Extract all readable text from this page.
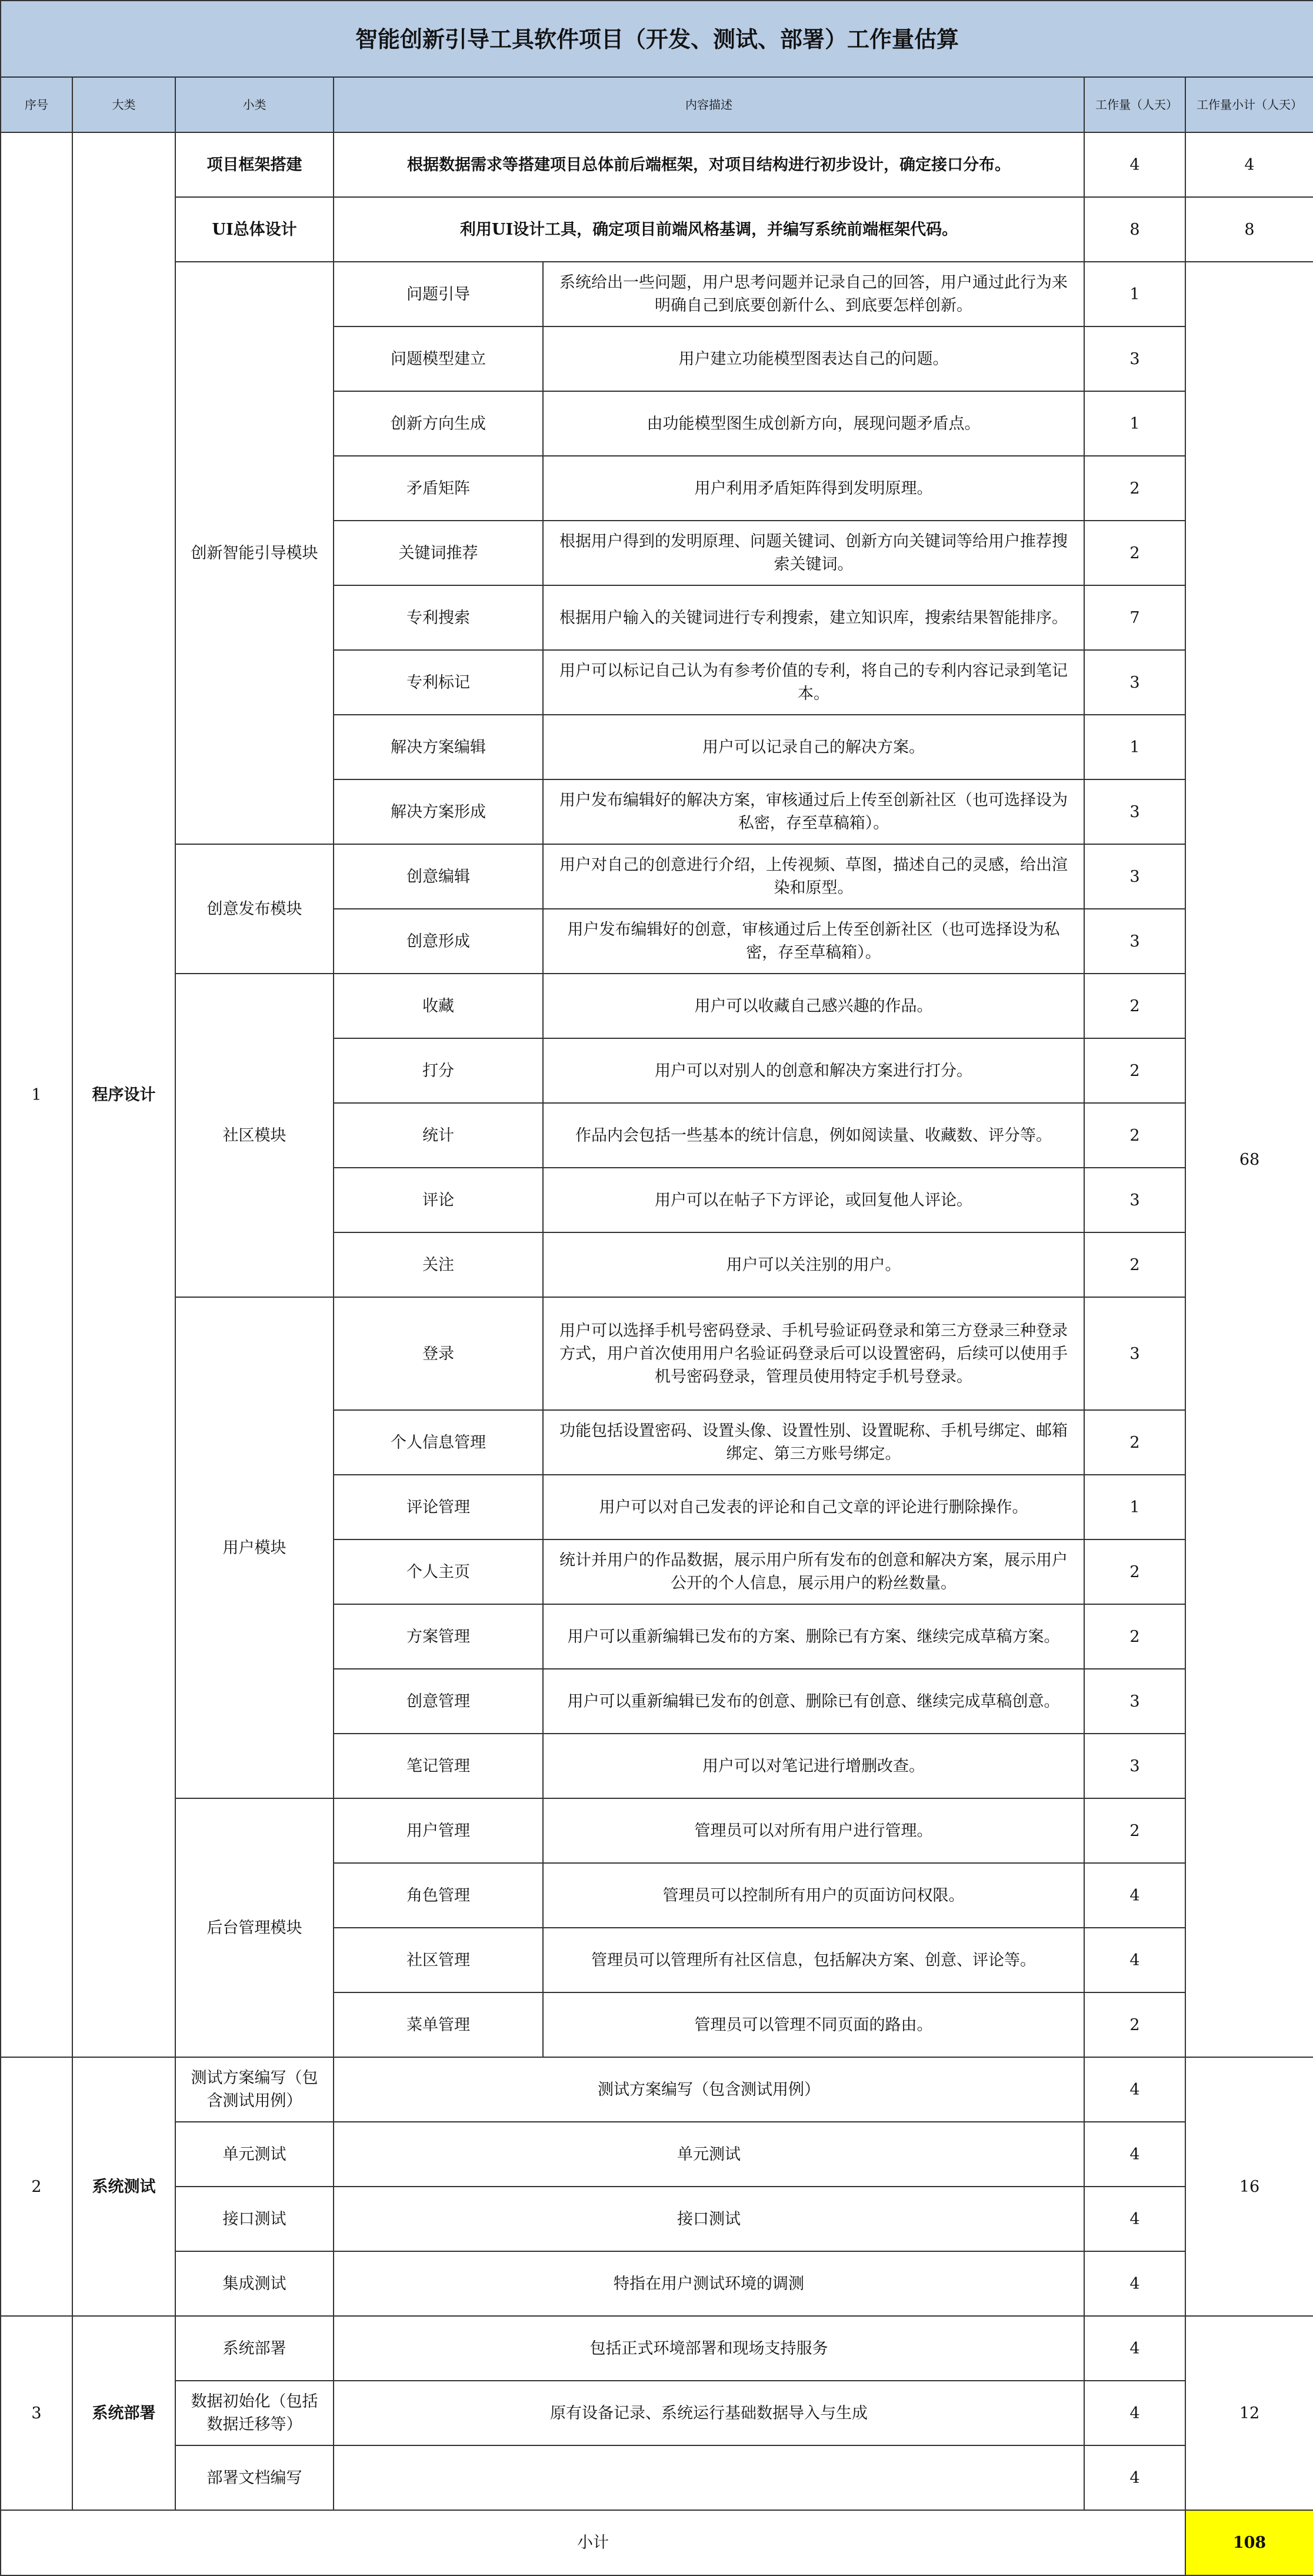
智能创新引导工具软件项目（开发、测试、部署）工作量估算						
序号	大类	小类	内容描述		工作量（人天）	工作量小计（人天）
1	程序设计	项目框架搭建	根据数据需求等搭建项目总体前后端框架，对项目结构进行初步设计，确定接口分布。		4	4
		UI总体设计	利用UI设计工具，确定项目前端风格基调，并编写系统前端框架代码。		8	8
		创新智能引导模块	问题引导	系统给出一些问题，用户思考问题并记录自己的回答，用户通过此行为来明确自己到底要创新什么、到底要怎样创新。	1	68
			问题模型建立	用户建立功能模型图表达自己的问题。	3	
			创新方向生成	由功能模型图生成创新方向，展现问题矛盾点。	1	
			矛盾矩阵	用户利用矛盾矩阵得到发明原理。	2	
			关键词推荐	根据用户得到的发明原理、问题关键词、创新方向关键词等给用户推荐搜索关键词。	2	
			专利搜索	根据用户输入的关键词进行专利搜索，建立知识库，搜索结果智能排序。	7	
			专利标记	用户可以标记自己认为有参考价值的专利，将自己的专利内容记录到笔记本。	3	
			解决方案编辑	用户可以记录自己的解决方案。	1	
			解决方案形成	用户发布编辑好的解决方案，审核通过后上传至创新社区（也可选择设为私密，存至草稿箱）。	3	
		创意发布模块	创意编辑	用户对自己的创意进行介绍，上传视频、草图，描述自己的灵感，给出渲染和原型。	3	
			创意形成	用户发布编辑好的创意，审核通过后上传至创新社区（也可选择设为私密，存至草稿箱）。	3	
		社区模块	收藏	用户可以收藏自己感兴趣的作品。	2	
			打分	用户可以对别人的创意和解决方案进行打分。	2	
			统计	作品内会包括一些基本的统计信息，例如阅读量、收藏数、评分等。	2	
			评论	用户可以在帖子下方评论，或回复他人评论。	3	
			关注	用户可以关注别的用户。	2	
		用户模块	登录	用户可以选择手机号密码登录、手机号验证码登录和第三方登录三种登录方式，用户首次使用用户名验证码登录后可以设置密码，后续可以使用手机号密码登录，管理员使用特定手机号登录。	3	
			个人信息管理	功能包括设置密码、设置头像、设置性别、设置昵称、手机号绑定、邮箱绑定、第三方账号绑定。	2	
			评论管理	用户可以对自己发表的评论和自己文章的评论进行删除操作。	1	
			个人主页	统计并用户的作品数据，展示用户所有发布的创意和解决方案，展示用户公开的个人信息，展示用户的粉丝数量。	2	
			方案管理	用户可以重新编辑已发布的方案、删除已有方案、继续完成草稿方案。	2	
			创意管理	用户可以重新编辑已发布的创意、删除已有创意、继续完成草稿创意。	3	
			笔记管理	用户可以对笔记进行增删改查。	3	
		后台管理模块	用户管理	管理员可以对所有用户进行管理。	2	
			角色管理	管理员可以控制所有用户的页面访问权限。	4	
			社区管理	管理员可以管理所有社区信息，包括解决方案、创意、评论等。	4	
			菜单管理	管理员可以管理不同页面的路由。	2	
2	系统测试	测试方案编写（包含测试用例）	测试方案编写（包含测试用例）		4	16
		单元测试	单元测试		4	
		接口测试	接口测试		4	
		集成测试	特指在用户测试环境的调测		4	
3	系统部署	系统部署	包括正式环境部署和现场支持服务		4	12
		数据初始化（包括数据迁移等）	原有设备记录、系统运行基础数据导入与生成		4	
		部署文档编写			4	
小计						108
